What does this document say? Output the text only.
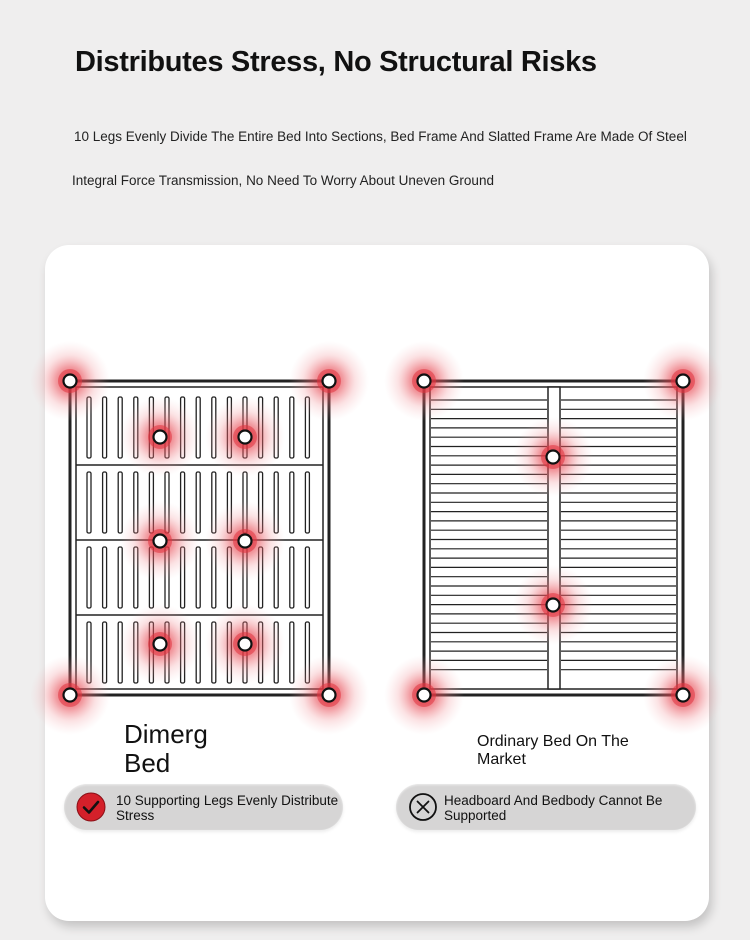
Distributes Stress, No Structural Risks

10 Legs Evenly Divide The Entire Bed Into Sections, Bed Frame And Slatted Frame Are Made Of Steel

Integral Force Transmission, No Need To Worry About Uneven Ground

Dimerg Bed

Ordinary Bed On The Market

10 Supporting Legs Evenly Distribute Stress

Headboard And Bedbody Cannot Be Supported
